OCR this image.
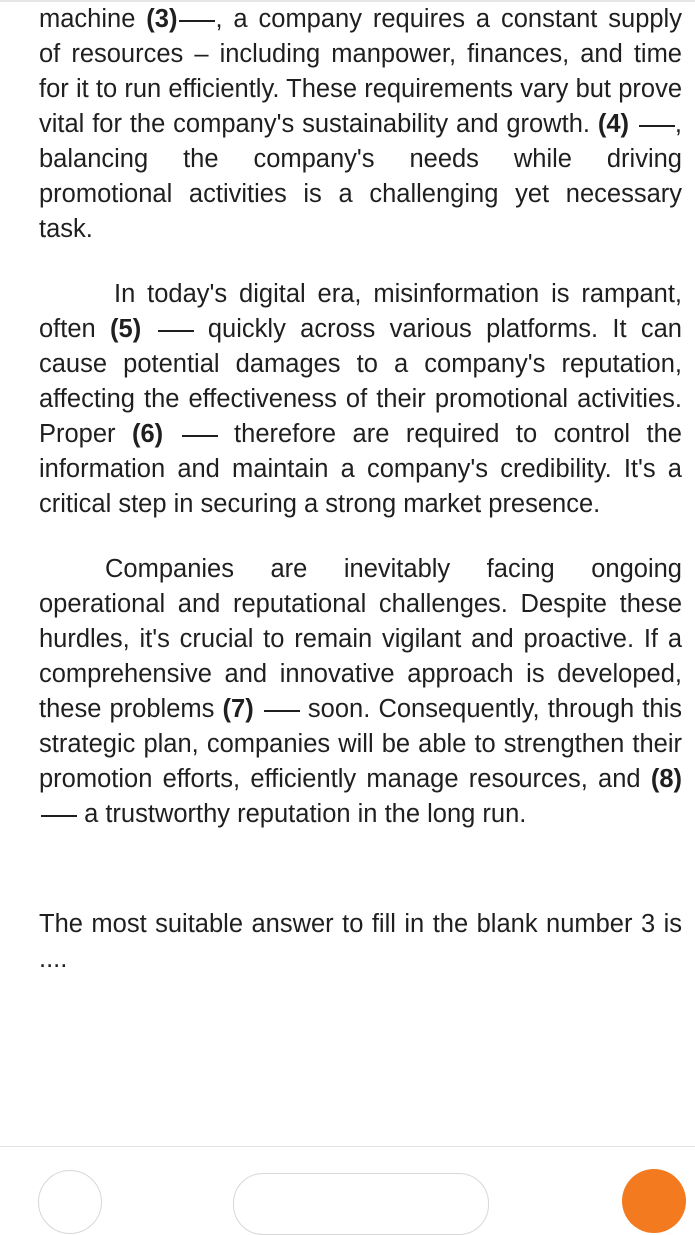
machine (3) , a company requires a constant supply of resources – including manpower, finances, and time for it to run efficiently. These requirements vary but prove vital for the company's sustainability and growth. (4) , balancing the company's needs while driving promotional activities is a challenging yet necessary task.

In today's digital era, misinformation is rampant, often (5)  quickly across various platforms. It can cause potential damages to a company's reputation, affecting the effectiveness of their promotional activities. Proper (6)  therefore are required to control the information and maintain a company's credibility. It's a critical step in securing a strong market presence.

Companies are inevitably facing ongoing operational and reputational challenges. Despite these hurdles, it's crucial to remain vigilant and proactive. If a comprehensive and innovative approach is developed, these problems (7)  soon. Consequently, through this strategic plan, companies will be able to strengthen their promotion efforts, efficiently manage resources, and (8)  a trustworthy reputation in the long run.

The most suitable answer to fill in the blank number 3 is ....
